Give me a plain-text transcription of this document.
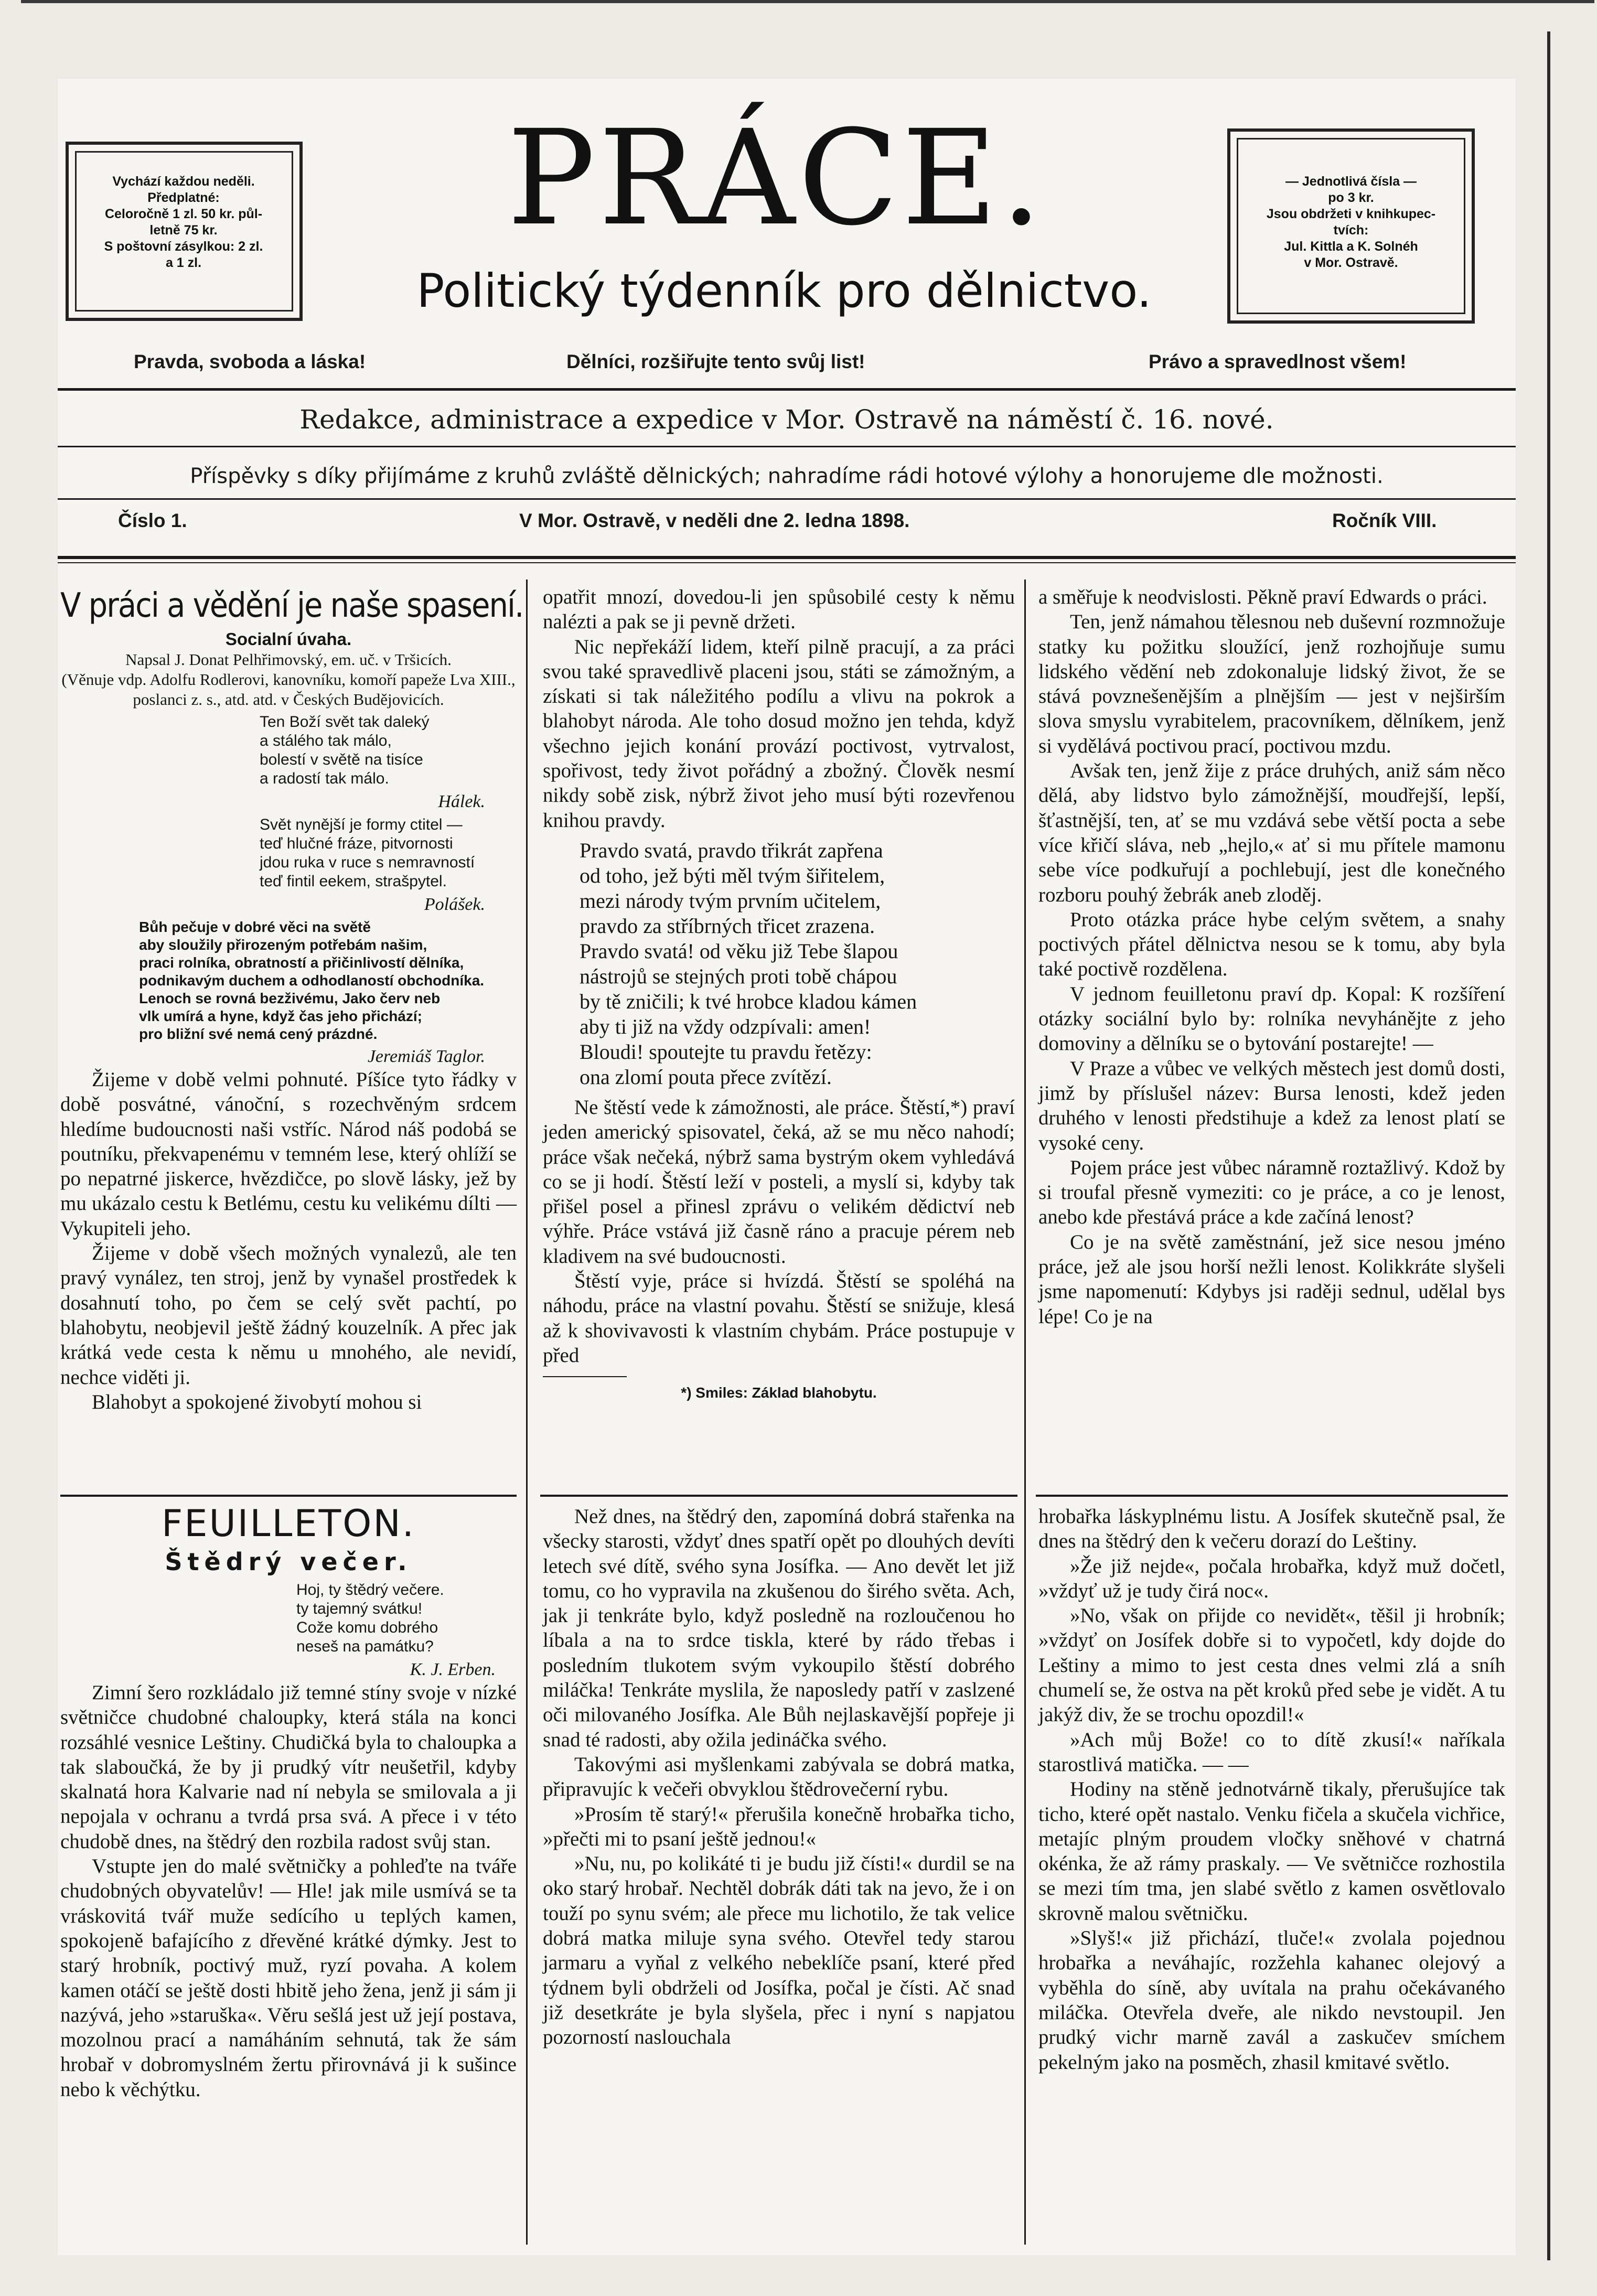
Vychází každou neděli.
Předplatné:
Celoročně 1 zl. 50 kr. půl-
letně 75 kr.
S poštovní zásylkou: 2 zl.
a 1 zl.
— Jednotlivá čísla —
po 3 kr.
Jsou obdržeti v knihkupec-
tvích:
Jul. Kittla a K. Solnéh
v Mor. Ostravě.
PRÁCE.
Politický týdenník pro dělnictvo.
Pravda, svoboda a láska!	Dělníci, rozšiřujte tento svůj list!	Právo a spravedlnost všem!
Redakce, administrace a expedice v Mor. Ostravě na náměstí č. 16. nové.
Příspěvky s díky přijímáme z kruhů zvláště dělnických; nahradíme rádi hotové výlohy a honorujeme dle možnosti.
Číslo 1.	V Mor. Ostravě, v neděli dne 2. ledna 1898.	Ročník VIII.
V práci a vědění je naše spasení.
Socialní úvaha.
Napsal J. Donat Pelhřimovský, em. uč. v Tršicích.
(Věnuje vdp. Adolfu Rodlerovi, kanovníku, komoří papeže Lva XIII., poslanci z. s., atd. atd. v Českých Budějovicích.
Ten Boží svět tak daleký
a stálého tak málo,
bolestí v světě na tisíce
a radostí tak málo.
Hálek.
Svět nynější je formy ctitel —
teď hlučné fráze, pitvornosti
jdou ruka v ruce s nemravností
teď fintil eekem, strašpytel.
Polášek.
Bůh pečuje v dobré věci na světě
aby sloužily přirozeným potřebám našim,
praci rolníka, obratností a přičinlivostí dělníka,
podnikavým duchem a odhodlaností obchodníka.
Lenoch se rovná bezživému, Jako červ neb
vlk umírá a hyne, když čas jeho přichází;
pro bližní své nemá cený prázdné.
Jeremiáš Taglor.

Žijeme v době velmi pohnuté. Píšíce tyto řádky v době posvátné, vánoční, s rozechvěným srdcem hledíme budoucnosti naši vstříc. Národ náš podobá se poutníku, překvapenému v temném lese, který ohlíží se po nepatrné jiskerce, hvězdičce, po slově lásky, jež by mu ukázalo cestu k Betlému, cestu ku velikému dílti — Vykupiteli jeho.

Žijeme v době všech možných vynalezů, ale ten pravý vynález, ten stroj, jenž by vynašel prostředek k dosahnutí toho, po čem se celý svět pachtí, po blahobytu, neobjevil ještě žádný kouzelník. A přec jak krátká vede cesta k němu u mnohého, ale nevidí, nechce viděti ji.

Blahobyt a spokojené živobytí mohou si

opatřit mnozí, dovedou-li jen spůsobilé cesty k němu nalézti a pak se ji pevně držeti.

Nic nepřekáží lidem, kteří pilně pracují, a za práci svou také spravedlivě placeni jsou, státi se zámožným, a získati si tak náležitého podílu a vlivu na pokrok a blahobyt národa. Ale toho dosud možno jen tehda, když všechno jejich konání provází poctivost, vytrvalost, spořivost, tedy život pořádný a zbožný. Člověk nesmí nikdy sobě zisk, nýbrž život jeho musí býti rozevřenou knihou pravdy.

Pravdo svatá, pravdo třikrát zapřena
od toho, jež býti měl tvým šiřitelem,
mezi národy tvým prvním učitelem,
pravdo za stříbrných třicet zrazena.
Pravdo svatá! od věku již Tebe šlapou
nástrojů se stejných proti tobě chápou
by tě zničili; k tvé hrobce kladou kámen
aby ti již na vždy odzpívali: amen!
Bloudi! spoutejte tu pravdu řetězy:
ona zlomí pouta přece zvítězí.

Ne štěstí vede k zámožnosti, ale práce. Štěstí,*) praví jeden americký spisovatel, čeká, až se mu něco nahodí; práce však nečeká, nýbrž sama bystrým okem vyhledává co se ji hodí. Štěstí leží v posteli, a myslí si, kdyby tak přišel posel a přinesl zprávu o velikém dědictví neb výhře. Práce vstává již časně ráno a pracuje pérem neb kladivem na své budoucnosti.

Štěstí vyje, práce si hvízdá. Štěstí se spoléhá na náhodu, práce na vlastní povahu. Štěstí se snižuje, klesá až k shovivavosti k vlastním chybám. Práce postupuje v před

*) Smiles: Základ blahobytu.

a směřuje k neodvislosti. Pěkně praví Edwards o práci.

Ten, jenž námahou tělesnou neb duševní rozmnožuje statky ku požitku sloužící, jenž rozhojňuje sumu lidského vědění neb zdokonaluje lidský život, že se stává povznešenějším a plnějším — jest v nejširším slova smyslu vyrabitelem, pracovníkem, dělníkem, jenž si vydělává poctivou prací, poctivou mzdu.

Avšak ten, jenž žije z práce druhých, aniž sám něco dělá, aby lidstvo bylo zámožnější, moudřejší, lepší, šťastnější, ten, ať se mu vzdává sebe větší pocta a sebe více křičí sláva, neb „hejlo,« ať si mu přítele mamonu sebe více podkuřují a pochlebují, jest dle konečného rozboru pouhý žebrák aneb zloděj.

Proto otázka práce hybe celým světem, a snahy poctivých přátel dělnictva nesou se k tomu, aby byla také poctivě rozdělena.

V jednom feuilletonu praví dp. Kopal: K rozšíření otázky sociální bylo by: rolníka nevyhánějte z jeho domoviny a dělníku se o bytování postarejte! —

V Praze a vůbec ve velkých městech jest domů dosti, jimž by příslušel název: Bursa lenosti, kdež jeden druhého v lenosti předstihuje a kdež za lenost platí se vysoké ceny.

Pojem práce jest vůbec náramně roztažlivý. Kdož by si troufal přesně vymeziti: co je práce, a co je lenost, anebo kde přestává práce a kde začíná lenost?

Co je na světě zaměstnání, jež sice nesou jméno práce, jež ale jsou horší nežli lenost. Kolikkráte slyšeli jsme napomenutí: Kdybys jsi raději sednul, udělal bys lépe! Co je na

FEUILLETON.
Štědrý večer.
Hoj, ty štědrý večere.
ty tajemný svátku!
Cože komu dobrého
neseš na památku?
K. J. Erben.

Zimní šero rozkládalo již temné stíny svoje v nízké světničce chudobné chaloupky, která stála na konci rozsáhlé vesnice Leštiny. Chudičká byla to chaloupka a tak slaboučká, že by ji prudký vítr neušetřil, kdyby skalnatá hora Kalvarie nad ní nebyla se smilovala a ji nepojala v ochranu a tvrdá prsa svá. A přece i v této chudobě dnes, na štědrý den rozbila radost svůj stan.

Vstupte jen do malé světničky a pohleďte na tváře chudobných obyvatelův! — Hle! jak mile usmívá se ta vráskovitá tvář muže sedícího u teplých kamen, spokojeně bafajícího z dřevěné krátké dýmky. Jest to starý hrobník, poctivý muž, ryzí povaha. A kolem kamen otáčí se ještě dosti hbitě jeho žena, jenž ji sám ji nazývá, jeho »staruška«. Věru sešlá jest už její postava, mozolnou prací a namáháním sehnutá, tak že sám hrobař v dobromyslném žertu přirovnává ji k sušince nebo k věchýtku.

Než dnes, na štědrý den, zapomíná dobrá stařenka na všecky starosti, vždyť dnes spatří opět po dlouhých devíti letech své dítě, svého syna Josífka. — Ano devět let již tomu, co ho vypravila na zkušenou do širého světa. Ach, jak ji tenkráte bylo, když posledně na rozloučenou ho líbala a na to srdce tiskla, které by rádo třebas i posledním tlukotem svým vykoupilo štěstí dobrého miláčka! Tenkráte myslila, že naposledy patří v zaslzené oči milovaného Josífka. Ale Bůh nejlaskavější popřeje ji snad té radosti, aby ožila jedináčka svého.

Takovými asi myšlenkami zabývala se dobrá matka, připravujíc k večeři obvyklou štědrovečerní rybu.

»Prosím tě starý!« přerušila konečně hrobařka ticho, »přečti mi to psaní ještě jednou!«

»Nu, nu, po kolikáté ti je budu již čísti!« durdil se na oko starý hrobař. Nechtěl dobrák dáti tak na jevo, že i on touží po synu svém; ale přece mu lichotilo, že tak velice dobrá matka miluje syna svého. Otevřel tedy starou jarmaru a vyňal z velkého nebeklíče psaní, které před týdnem byli obdrželi od Josífka, počal je čísti. Ač snad již desetkráte je byla slyšela, přec i nyní s napjatou pozorností naslouchala

hrobařka láskyplnému listu. A Josífek skutečně psal, že dnes na štědrý den k večeru dorazí do Leštiny.

»Že již nejde«, počala hrobařka, když muž dočetl, »vždyť už je tudy čirá noc«.

»No, však on přijde co nevidět«, těšil ji hrobník; »vždyť on Josífek dobře si to vypočetl, kdy dojde do Leštiny a mimo to jest cesta dnes velmi zlá a sníh chumelí se, že ostva na pět kroků před sebe je vidět. A tu jakýž div, že se trochu opozdil!«

»Ach můj Bože! co to dítě zkusí!« naříkala starostlivá matička. — —

Hodiny na stěně jednotvárně tikaly, přerušujíce tak ticho, které opět nastalo. Venku fičela a skučela vichřice, metajíc plným proudem vločky sněhové v chatrná okénka, že až rámy praskaly. — Ve světničce rozhostila se mezi tím tma, jen slabé světlo z kamen osvětlovalo skrovně malou světničku.

»Slyš!« již přichází, tluče!« zvolala pojednou hrobařka a neváhajíc, rozžehla kahanec olejový a vyběhla do síně, aby uvítala na prahu očekávaného miláčka. Otevřela dveře, ale nikdo nevstoupil. Jen prudký vichr marně zavál a zaskučev smíchem pekelným jako na posměch, zhasil kmitavé světlo.
